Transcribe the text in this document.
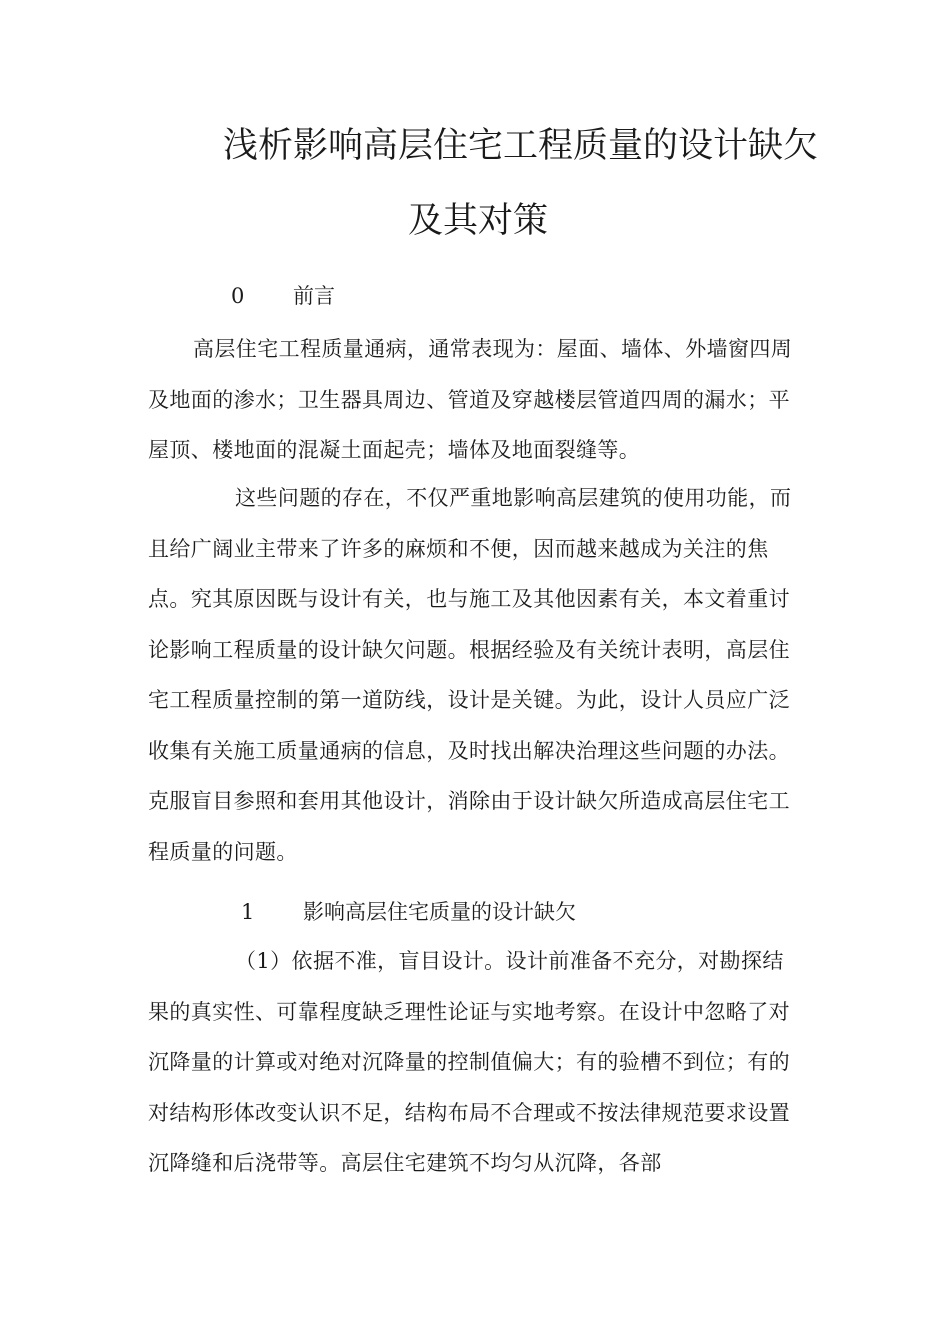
浅析影响高层住宅工程质量的设计缺欠
及其对策
0 前言

高层住宅工程质量通病，通常表现为：屋面、墙体、外墙窗四周及地面的渗水；卫生器具周边、管道及穿越楼层管道四周的漏水；平屋顶、楼地面的混凝土面起壳；墙体及地面裂缝等。

这些问题的存在，不仅严重地影响高层建筑的使用功能，而且给广阔业主带来了许多的麻烦和不便，因而越来越成为关注的焦点。究其原因既与设计有关，也与施工及其他因素有关，本文着重讨论影响工程质量的设计缺欠问题。根据经验及有关统计表明，高层住宅工程质量控制的第一道防线，设计是关键。为此，设计人员应广泛收集有关施工质量通病的信息，及时找出解决治理这些问题的办法。克服盲目参照和套用其他设计，消除由于设计缺欠所造成高层住宅工程质量的问题。

1 影响高层住宅质量的设计缺欠

（1）依据不准，盲目设计。设计前准备不充分，对勘探结果的真实性、可靠程度缺乏理性论证与实地考察。在设计中忽略了对沉降量的计算或对绝对沉降量的控制值偏大；有的验槽不到位；有的对结构形体改变认识不足，结构布局不合理或不按法律规范要求设置沉降缝和后浇带等。高层住宅建筑不均匀从沉降，各部
